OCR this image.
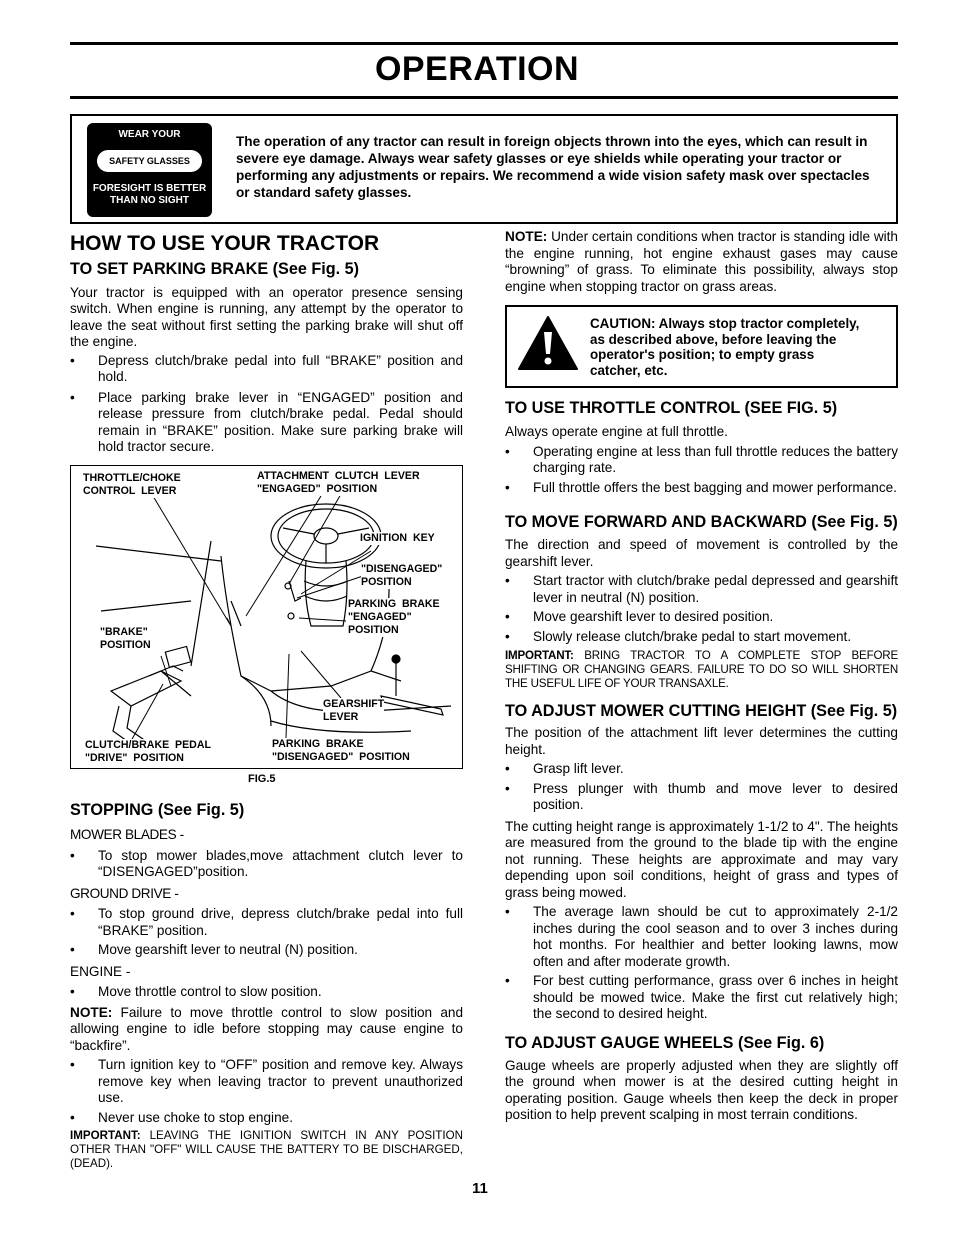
OPERATION
WEAR YOUR
SAFETY GLASSES
FORESIGHT IS BETTER
THAN NO SIGHT
The operation of any tractor can result in foreign objects thrown into the eyes, which can result in severe eye damage. Always wear safety glasses or eye shields while operating your tractor or performing any adjustments or repairs. We recommend a wide vision safety mask over spectacles or standard safety glasses.
HOW TO USE YOUR TRACTOR
TO SET PARKING BRAKE (See Fig. 5)

Your tractor is equipped with an operator presence sensing switch. When engine is running, any attempt by the operator to leave the seat without first setting the parking brake will shut off the engine.

• Depress clutch/brake pedal into full “BRAKE” position and hold.
• Place parking brake lever in “ENGAGED” position and release pressure from clutch/brake pedal. Pedal should remain in “BRAKE” position. Make sure parking brake will hold tractor secure.
THROTTLE/CHOKE
CONTROL  LEVER
ATTACHMENT  CLUTCH  LEVER
"ENGAGED"  POSITION
IGNITION  KEY
"DISENGAGED"
POSITION
PARKING  BRAKE
"ENGAGED"
POSITION
"BRAKE"
POSITION
GEARSHIFT
LEVER
CLUTCH/BRAKE  PEDAL
"DRIVE"  POSITION
PARKING  BRAKE
"DISENGAGED"  POSITION
FIG.5
STOPPING (See Fig. 5)

MOWER BLADES -

• To stop mower blades,move attachment clutch lever to “DISENGAGED”position.

GROUND DRIVE -

• To stop ground drive, depress clutch/brake pedal into full “BRAKE” position.
• Move gearshift lever to neutral (N) position.

ENGINE -

• Move throttle control to slow position.

NOTE: Failure to move throttle control to slow position and allowing engine to idle before stopping may cause engine to “backfire”.

• Turn ignition key to “OFF” position and remove key. Always remove key when leaving tractor to prevent unauthorized use.
• Never use choke to stop engine.

IMPORTANT: LEAVING THE IGNITION SWITCH IN ANY POSITION OTHER THAN "OFF" WILL CAUSE THE BATTERY TO BE DISCHARGED, (DEAD).

NOTE: Under certain conditions when tractor is standing idle with the engine running, hot engine exhaust gases may cause “browning” of grass. To eliminate this possibility, always stop engine when stopping tractor on grass areas.

CAUTION: Always stop tractor completely, as described above, before leaving the operator's position; to empty grass catcher, etc.
TO USE THROTTLE CONTROL (SEE FIG. 5)

Always operate engine at full throttle.

• Operating engine at less than full throttle reduces the battery charging rate.
• Full throttle offers the best bagging and mower performance.
TO MOVE FORWARD AND BACKWARD (See Fig. 5)

The direction and speed of movement is controlled by the gearshift lever.

• Start tractor with clutch/brake pedal depressed and gearshift lever in neutral (N) position.
• Move gearshift lever to desired position.
• Slowly release clutch/brake pedal to start movement.

IMPORTANT: BRING TRACTOR TO A COMPLETE STOP BEFORE SHIFTING OR CHANGING GEARS. FAILURE TO DO SO WILL SHORTEN THE USEFUL LIFE OF YOUR TRANSAXLE.

TO ADJUST MOWER CUTTING HEIGHT (See Fig. 5)

The position of the attachment lift lever determines the cutting height.

• Grasp lift lever.
• Press plunger with thumb and move lever to desired position.

The cutting height range is approximately 1-1/2 to 4". The heights are measured from the ground to the blade tip with the engine not running. These heights are approximate and may vary depending upon soil conditions, height of grass and types of grass being mowed.

• The average lawn should be cut to approximately 2-1/2 inches during the cool season and to over 3 inches during hot months. For healthier and better looking lawns, mow often and after moderate growth.
• For best cutting performance, grass over 6 inches in height should be mowed twice. Make the first cut relatively high; the second to desired height.
TO ADJUST GAUGE WHEELS (See Fig. 6)

Gauge wheels are properly adjusted when they are slightly off the ground when mower is at the desired cutting height in operating position. Gauge wheels then keep the deck in proper position to help prevent scalping in most terrain conditions.

11
